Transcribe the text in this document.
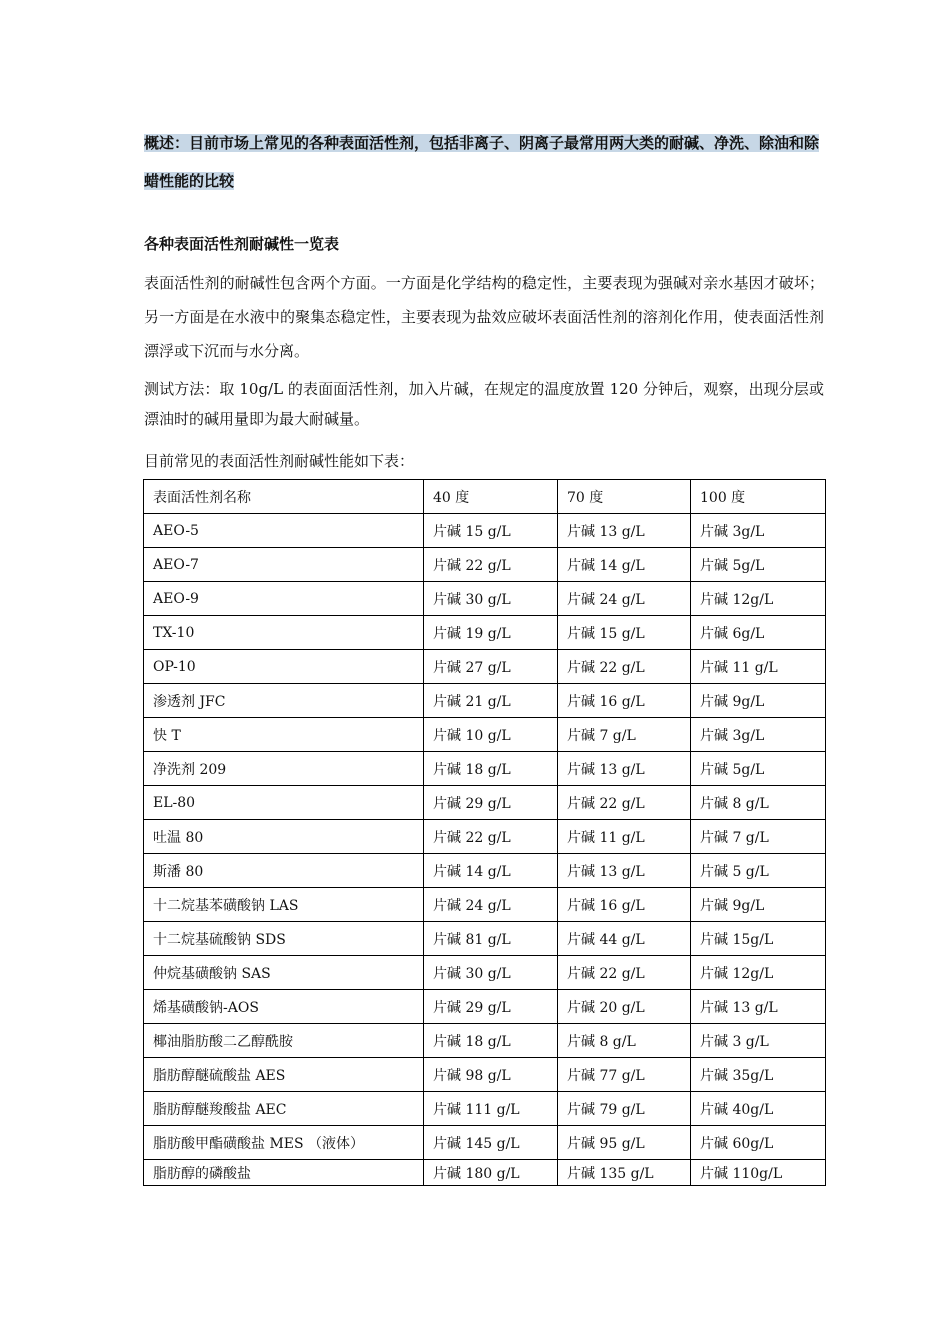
概述：目前市场上常见的各种表面活性剂，包括非离子、阴离子最常用两大类的耐碱、净洗、除油和除蜡性能的比较
各种表面活性剂耐碱性一览表
表面活性剂的耐碱性包含两个方面。一方面是化学结构的稳定性，主要表现为强碱对亲水基因才破坏；另一方面是在水液中的聚集态稳定性，主要表现为盐效应破坏表面活性剂的溶剂化作用，使表面活性剂漂浮或下沉而与水分离。
测试方法：取 10g/L 的表面面活性剂，加入片碱，在规定的温度放置 120 分钟后，观察，出现分层或漂油时的碱用量即为最大耐碱量。
目前常见的表面活性剂耐碱性能如下表：
表面活性剂名称	40 度	70 度	100 度
AEO-5	片碱 15 g/L	片碱 13 g/L	片碱 3g/L
AEO-7	片碱 22 g/L	片碱 14 g/L	片碱 5g/L
AEO-9	片碱 30 g/L	片碱 24 g/L	片碱 12g/L
TX-10	片碱 19 g/L	片碱 15 g/L	片碱 6g/L
OP-10	片碱 27 g/L	片碱 22 g/L	片碱 11 g/L
渗透剂 JFC	片碱 21 g/L	片碱 16 g/L	片碱 9g/L
快 T	片碱 10 g/L	片碱 7 g/L	片碱 3g/L
净洗剂 209	片碱 18 g/L	片碱 13 g/L	片碱 5g/L
EL-80	片碱 29 g/L	片碱 22 g/L	片碱 8 g/L
吐温 80	片碱 22 g/L	片碱 11 g/L	片碱 7 g/L
斯潘 80	片碱 14 g/L	片碱 13 g/L	片碱 5 g/L
十二烷基苯磺酸钠 LAS	片碱 24 g/L	片碱 16 g/L	片碱 9g/L
十二烷基硫酸钠 SDS	片碱 81 g/L	片碱 44 g/L	片碱 15g/L
仲烷基磺酸钠 SAS	片碱 30 g/L	片碱 22 g/L	片碱 12g/L
烯基磺酸钠-AOS	片碱 29 g/L	片碱 20 g/L	片碱 13 g/L
椰油脂肪酸二乙醇酰胺	片碱 18 g/L	片碱 8 g/L	片碱 3 g/L
脂肪醇醚硫酸盐 AES	片碱 98 g/L	片碱 77 g/L	片碱 35g/L
脂肪醇醚羧酸盐 AEC	片碱 111 g/L	片碱 79 g/L	片碱 40g/L
脂肪酸甲酯磺酸盐 MES （液体）	片碱 145 g/L	片碱 95 g/L	片碱 60g/L
脂肪醇的磷酸盐	片碱 180 g/L	片碱 135 g/L	片碱 110g/L
